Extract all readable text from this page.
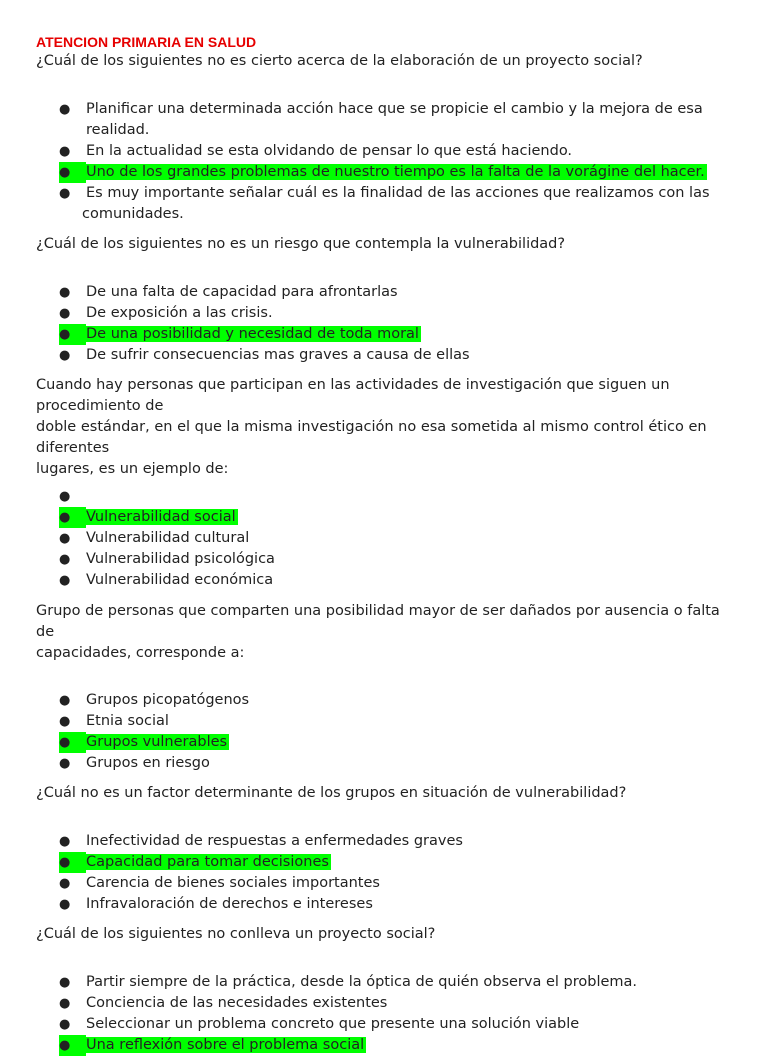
ATENCION PRIMARIA EN SALUD

¿Cuál de los siguientes no es cierto acerca de la elaboración de un proyecto social?

● Planificar una determinada acción hace que se propicie el cambio y la mejora de esa realidad.
● En la actualidad se esta olvidando de pensar lo que está haciendo.
●	Uno de los grandes problemas de nuestro tiempo es la falta de la vorágine del hacer.
● Es muy importante señalar cuál es la finalidad de las acciones que realizamos con las
comunidades.

¿Cuál de los siguientes no es un riesgo que contempla la vulnerabilidad?

● De una falta de capacidad para afrontarlas
● De exposición a las crisis.
●	De una posibilidad y necesidad de toda moral
● De sufrir consecuencias mas graves a causa de ellas

Cuando hay personas que participan en las actividades de investigación que siguen un procedimiento de

doble estándar, en el que la misma investigación no esa sometida al mismo control ético en diferentes

lugares, es un ejemplo de:

●

●	Vulnerabilidad social
● Vulnerabilidad cultural
● Vulnerabilidad psicológica
● Vulnerabilidad económica

Grupo de personas que comparten una posibilidad mayor de ser dañados por ausencia o falta de

capacidades, corresponde a:

● Grupos picopatógenos
● Etnia social
●	Grupos vulnerables
● Grupos en riesgo

¿Cuál no es un factor determinante de los grupos en situación de vulnerabilidad?

● Inefectividad de respuestas a enfermedades graves
●	Capacidad para tomar decisiones
● Carencia de bienes sociales importantes
● Infravaloración de derechos e intereses

¿Cuál de los siguientes no conlleva un proyecto social?

● Partir siempre de la práctica, desde la óptica de quién observa el problema.
● Conciencia de las necesidades existentes
● Seleccionar un problema concreto que presente una solución viable
●	Una reflexión sobre el problema social
